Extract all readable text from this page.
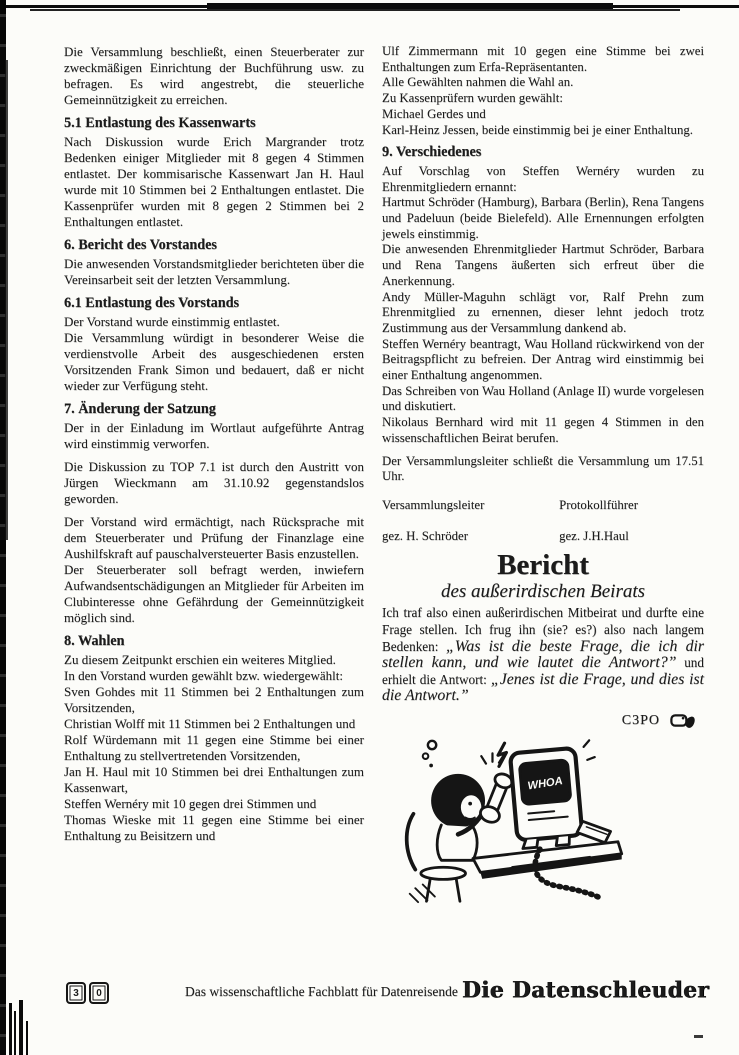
Die Versammlung beschließt, einen Steuerberater zur zweckmäßigen Einrichtung der Buchführung usw. zu befragen. Es wird angestrebt, die steuerliche Gemeinnützigkeit zu erreichen.

5.1 Entlastung des Kassenwarts

Nach Diskussion wurde Erich Margrander trotz Bedenken einiger Mitglieder mit 8 gegen 4 Stimmen entlastet. Der kommisarische Kassenwart Jan H. Haul wurde mit 10 Stimmen bei 2 Enthaltungen entlastet. Die Kassenprüfer wurden mit 8 gegen 2 Stimmen bei 2 Enthaltungen entlastet.

6. Bericht des Vorstandes

Die anwesenden Vorstandsmitglieder berichteten über die Vereinsarbeit seit der letzten Versammlung.

6.1 Entlastung des Vorstands

Der Vorstand wurde einstimmig entlastet.
Die Versammlung würdigt in besonderer Weise die verdienstvolle Arbeit des ausgeschiedenen ersten Vorsitzenden Frank Simon und bedauert, daß er nicht wieder zur Verfügung steht.

7. Änderung der Satzung

Der in der Einladung im Wortlaut aufgeführte Antrag wird einstimmig verworfen.

Die Diskussion zu TOP 7.1 ist durch den Austritt von Jürgen Wieckmann am 31.10.92 gegenstandslos geworden.

Der Vorstand wird ermächtigt, nach Rücksprache mit dem Steuerberater und Prüfung der Finanzlage eine Aushilfskraft auf pauschalversteuerter Basis enzustellen.
Der Steuerberater soll befragt werden, inwiefern Aufwandsentschädigungen an Mitglieder für Arbeiten im Clubinteresse ohne Gefährdung der Gemeinnützigkeit möglich sind.

8. Wahlen

Zu diesem Zeitpunkt erschien ein weiteres Mitglied.
In den Vorstand wurden gewählt bzw. wiedergewählt:
Sven Gohdes mit 11 Stimmen bei 2 Enthaltungen zum Vorsitzenden,
Christian Wolff mit 11 Stimmen bei 2 Enthaltungen und
Rolf Würdemann mit 11 gegen eine Stimme bei einer Enthaltung zu stellvertretenden Vorsitzenden,
Jan H. Haul mit 10 Stimmen bei drei Enthaltungen zum Kassenwart,
Steffen Wernéry mit 10 gegen drei Stimmen und
Thomas Wieske mit 11 gegen eine Stimme bei einer Enthaltung zu Beisitzern und

Ulf Zimmermann mit 10 gegen eine Stimme bei zwei Enthaltungen zum Erfa-Repräsentanten.
Alle Gewählten nahmen die Wahl an.
Zu Kassenprüfern wurden gewählt:
Michael Gerdes und
Karl-Heinz Jessen, beide einstimmig bei je einer Enthaltung.

9. Verschiedenes

Auf Vorschlag von Steffen Wernéry wurden zu Ehrenmitgliedern ernannt:
Hartmut Schröder (Hamburg), Barbara (Berlin), Rena Tangens und Padeluun (beide Bielefeld). Alle Ernennungen erfolgten jewels einstimmig.
Die anwesenden Ehrenmitglieder Hartmut Schröder, Barbara und Rena Tangens äußerten sich erfreut über die Anerkennung.
Andy Müller-Maguhn schlägt vor, Ralf Prehn zum Ehrenmitglied zu ernennen, dieser lehnt jedoch trotz Zustimmung aus der Versammlung dankend ab.
Steffen Wernéry beantragt, Wau Holland rückwirkend von der Beitragspflicht zu befreien. Der Antrag wird einstimmig bei einer Enthaltung angenommen.
Das Schreiben von Wau Holland (Anlage II) wurde vorgelesen und diskutiert.
Nikolaus Bernhard wird mit 11 gegen 4 Stimmen in den wissenschaftlichen Beirat berufen.

Der Versammlungsleiter schließt die Versammlung um 17.51 Uhr.

Versammlungsleiter	Protokollführer
gez. H. Schröder	gez. J.H.Haul
Bericht
des außerirdischen Beirats

Ich traf also einen außerirdischen Mitbeirat und durfte eine Frage stellen. Ich frug ihn (sie? es?) also nach langem Bedenken: „Was ist die beste Frage, die ich dir stellen kann, und wie lautet die Antwort?” und erhielt die Antwort: „Jenes ist die Frage, und dies ist die Antwort.”

C3PO
WHOA
3	0	Das wissenschaftliche Fachblatt für Datenreisende Die Datenschleuder
